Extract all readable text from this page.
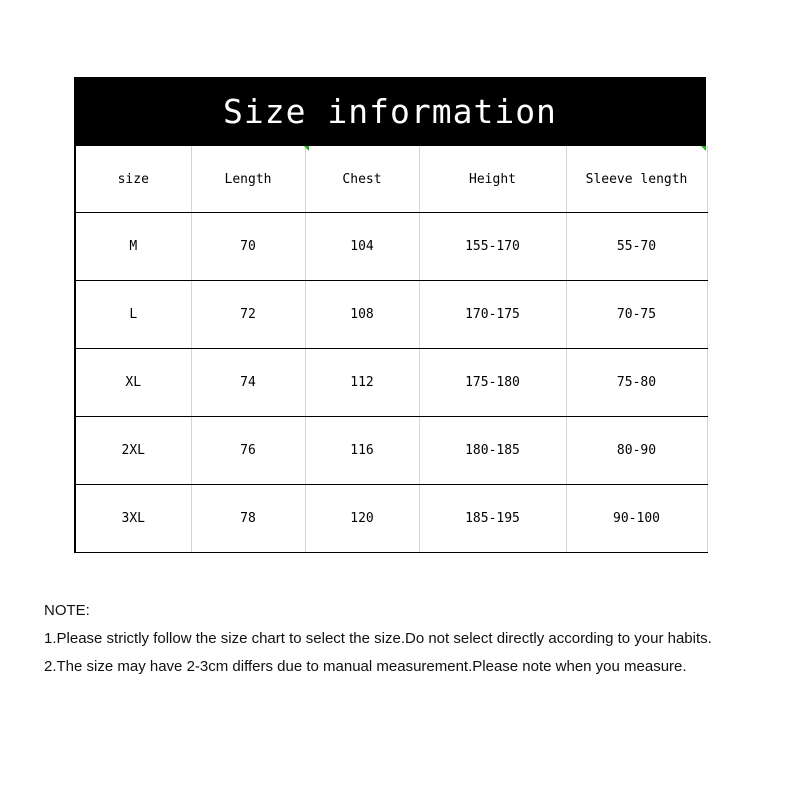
Size information
size	Length	Chest	Height	Sleeve length
M	70	104	155-170	55-70
L	72	108	170-175	70-75
XL	74	112	175-180	75-80
2XL	76	116	180-185	80-90
3XL	78	120	185-195	90-100
NOTE:
1.Please strictly follow the size chart to select the size.Do not select directly according to your habits.
2.The size may have 2-3cm differs due to manual measurement.Please note when you measure.
